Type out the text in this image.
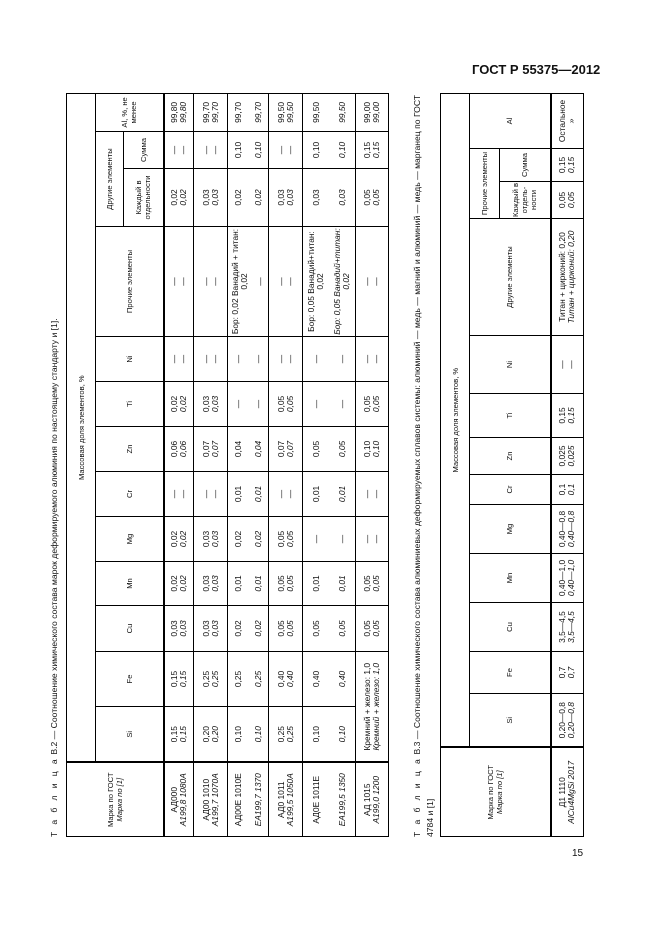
ГОСТ Р 55375—2012
15
Т а б л и ц а В.2 — Соотношение химического состава марок деформируемого алюминия по настоящему стандарту и [1].
Марка по ГОСТ Марка по [1]	Массовая доля элементов, %												
	Si	Fe	Cu	Mn	Mg	Cr	Zn	Ti	Ni	Прочие элементы	Другие элементы		Al, %, не менее
											Каждый в отдельности	Сумма	

АД000 А199,8 1080А	0,15 0,15	0,15 0,15	0,03 0,03	0,02 0,02	0,02 0,02	— —	0,06 0,06	0,02 0,02	— —	— —	0,02 0,02	— —	99,80 99,80

АД00 1010 А199,7 1070А	0,20 0,20	0,25 0,25	0,03 0,03	0,03 0,03	0,03 0,03	— —	0,07 0,07	0,03 0,03	— —	— —	0,03 0,03	— —	99,70 99,70

АД00Е 1010Е ЕА199,7 1370	0,10 0,10	0,25 0,25	0,02 0,02	0,01 0,01	0,02 0,02	0,01 0,01	0,04 0,04	— —	— —	Бор: 0,02 Ванадий + титан: 0,02 —	0,02 0,02	0,10 0,10	99,70 99,70

АД0 1011 А199,5 1050А	0,25 0,25	0,40 0,40	0,05 0,05	0,05 0,05	0,05 0,05	— —	0,07 0,07	0,05 0,05	— —	— —	0,03 0,03	— —	99,50 99,50

АД0Е 1011Е ЕА199,5 1350	0,10 0,10	0,40 0,40	0,05 0,05	0,01 0,01	— —	0,01 0,01	0,05 0,05	— —	— —	Бор: 0,05 Ванадий+титан: 0,02 Бор: 0,05 Ванадий+титан: 0,02	0,03 0,03	0,10 0,10	99,50 99,50

АД 1015 А199,0 1200	Кремний + железо: 1,0 Кремний + железо: 1,0		0,05 0,05	0,05 0,05	— —	— —	0,10 0,10	0,05 0,05	— —	— —	0,05 0,05	0,15 0,15	99,00 99,00
Т а б л и ц а В.3 — Соотношение химического состава алюминиевых деформируемых сплавов системы: алюминий — медь — магний и алюминий — медь — марганец по ГОСТ 4784 и [1]	Марка по ГОСТ Марка по [1]	Массовая доля элементов, %												
	Si	Fe	Cu	Mn	Mg	Cr	Zn	Ti	Ni	Другие элементы	Прочие элементы		Al
											Каждый в отдель-ности	Сумма	

Д1 1110 AlCu4MgSi 2017	0,20—0,8 0,20—0,8	0,7 0,7	3,5—4,5 3,5—4,5	0,40—1,0 0,40—1,0	0,40—0,8 0,40—0,8	0,1 0,1	0,025 0,025	0,15 0,15	— —	Титан + цирконий: 0,20 Титан + цирконий: 0,20	0,05 0,05	0,15 0,15	Остальное »
